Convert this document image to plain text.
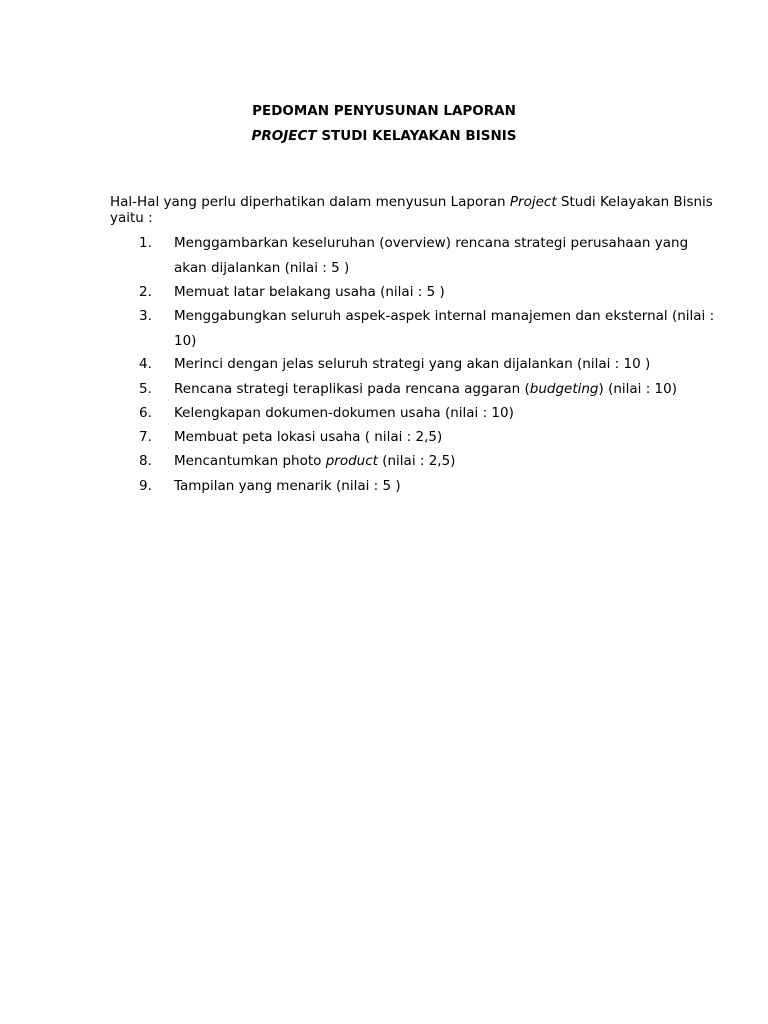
PEDOMAN PENYUSUNAN LAPORAN
PROJECT STUDI KELAYAKAN BISNIS
Hal-Hal yang perlu diperhatikan dalam menyusun Laporan Project Studi Kelayakan Bisnis yaitu :
1.	Menggambarkan keseluruhan (overview) rencana strategi perusahaan yang akan dijalankan (nilai : 5 )
2.	Memuat latar belakang usaha (nilai : 5 )
3.	Menggabungkan seluruh aspek-aspek internal manajemen dan eksternal (nilai : 10)
4.	Merinci dengan jelas seluruh strategi yang akan dijalankan (nilai : 10 )
5.	Rencana strategi teraplikasi pada rencana aggaran (budgeting) (nilai : 10)
6.	Kelengkapan dokumen-dokumen usaha (nilai : 10)
7.	Membuat peta lokasi usaha ( nilai : 2,5)
8.	Mencantumkan photo product (nilai : 2,5)
9.	Tampilan yang menarik (nilai : 5 )
